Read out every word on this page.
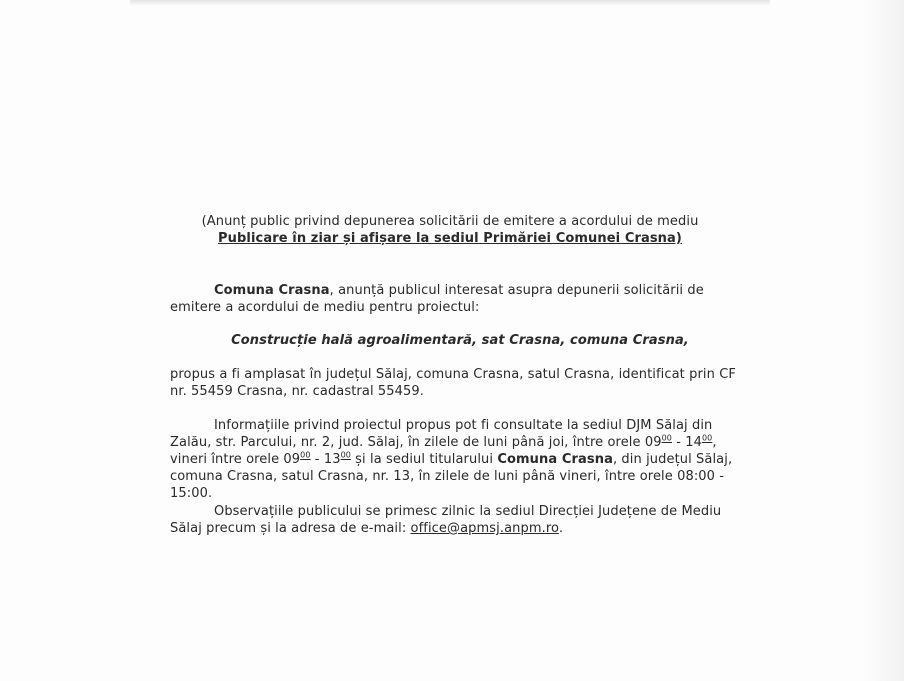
(Anunț public privind depunerea solicitării de emitere a acordului de mediu
Publicare în ziar și afișare la sediul Primăriei Comunei Crasna)
Comuna Crasna, anunță publicul interesat asupra depunerii solicitării de
emitere a acordului de mediu pentru proiectul:
Construcție hală agroalimentară, sat Crasna, comuna Crasna,
propus a fi amplasat în județul Sălaj, comuna Crasna, satul Crasna, identificat prin CF
nr. 55459 Crasna, nr. cadastral 55459.
Informațiile privind proiectul propus pot fi consultate la sediul DJM Sălaj din
Zalău, str. Parcului, nr. 2, jud. Sălaj, în zilele de luni până joi, între orele $09^{00} - 14^{00}$,
vineri între orele $09^{00} - 13^{00}$ și la sediul titularului Comuna Crasna, din județul Sălaj,
comuna Crasna, satul Crasna, nr. 13, în zilele de luni până vineri, între orele 08:00 -
15:00.
Observațiile publicului se primesc zilnic la sediul Direcției Județene de Mediu
Sălaj precum și la adresa de e-mail: office@apmsj.anpm.ro.
